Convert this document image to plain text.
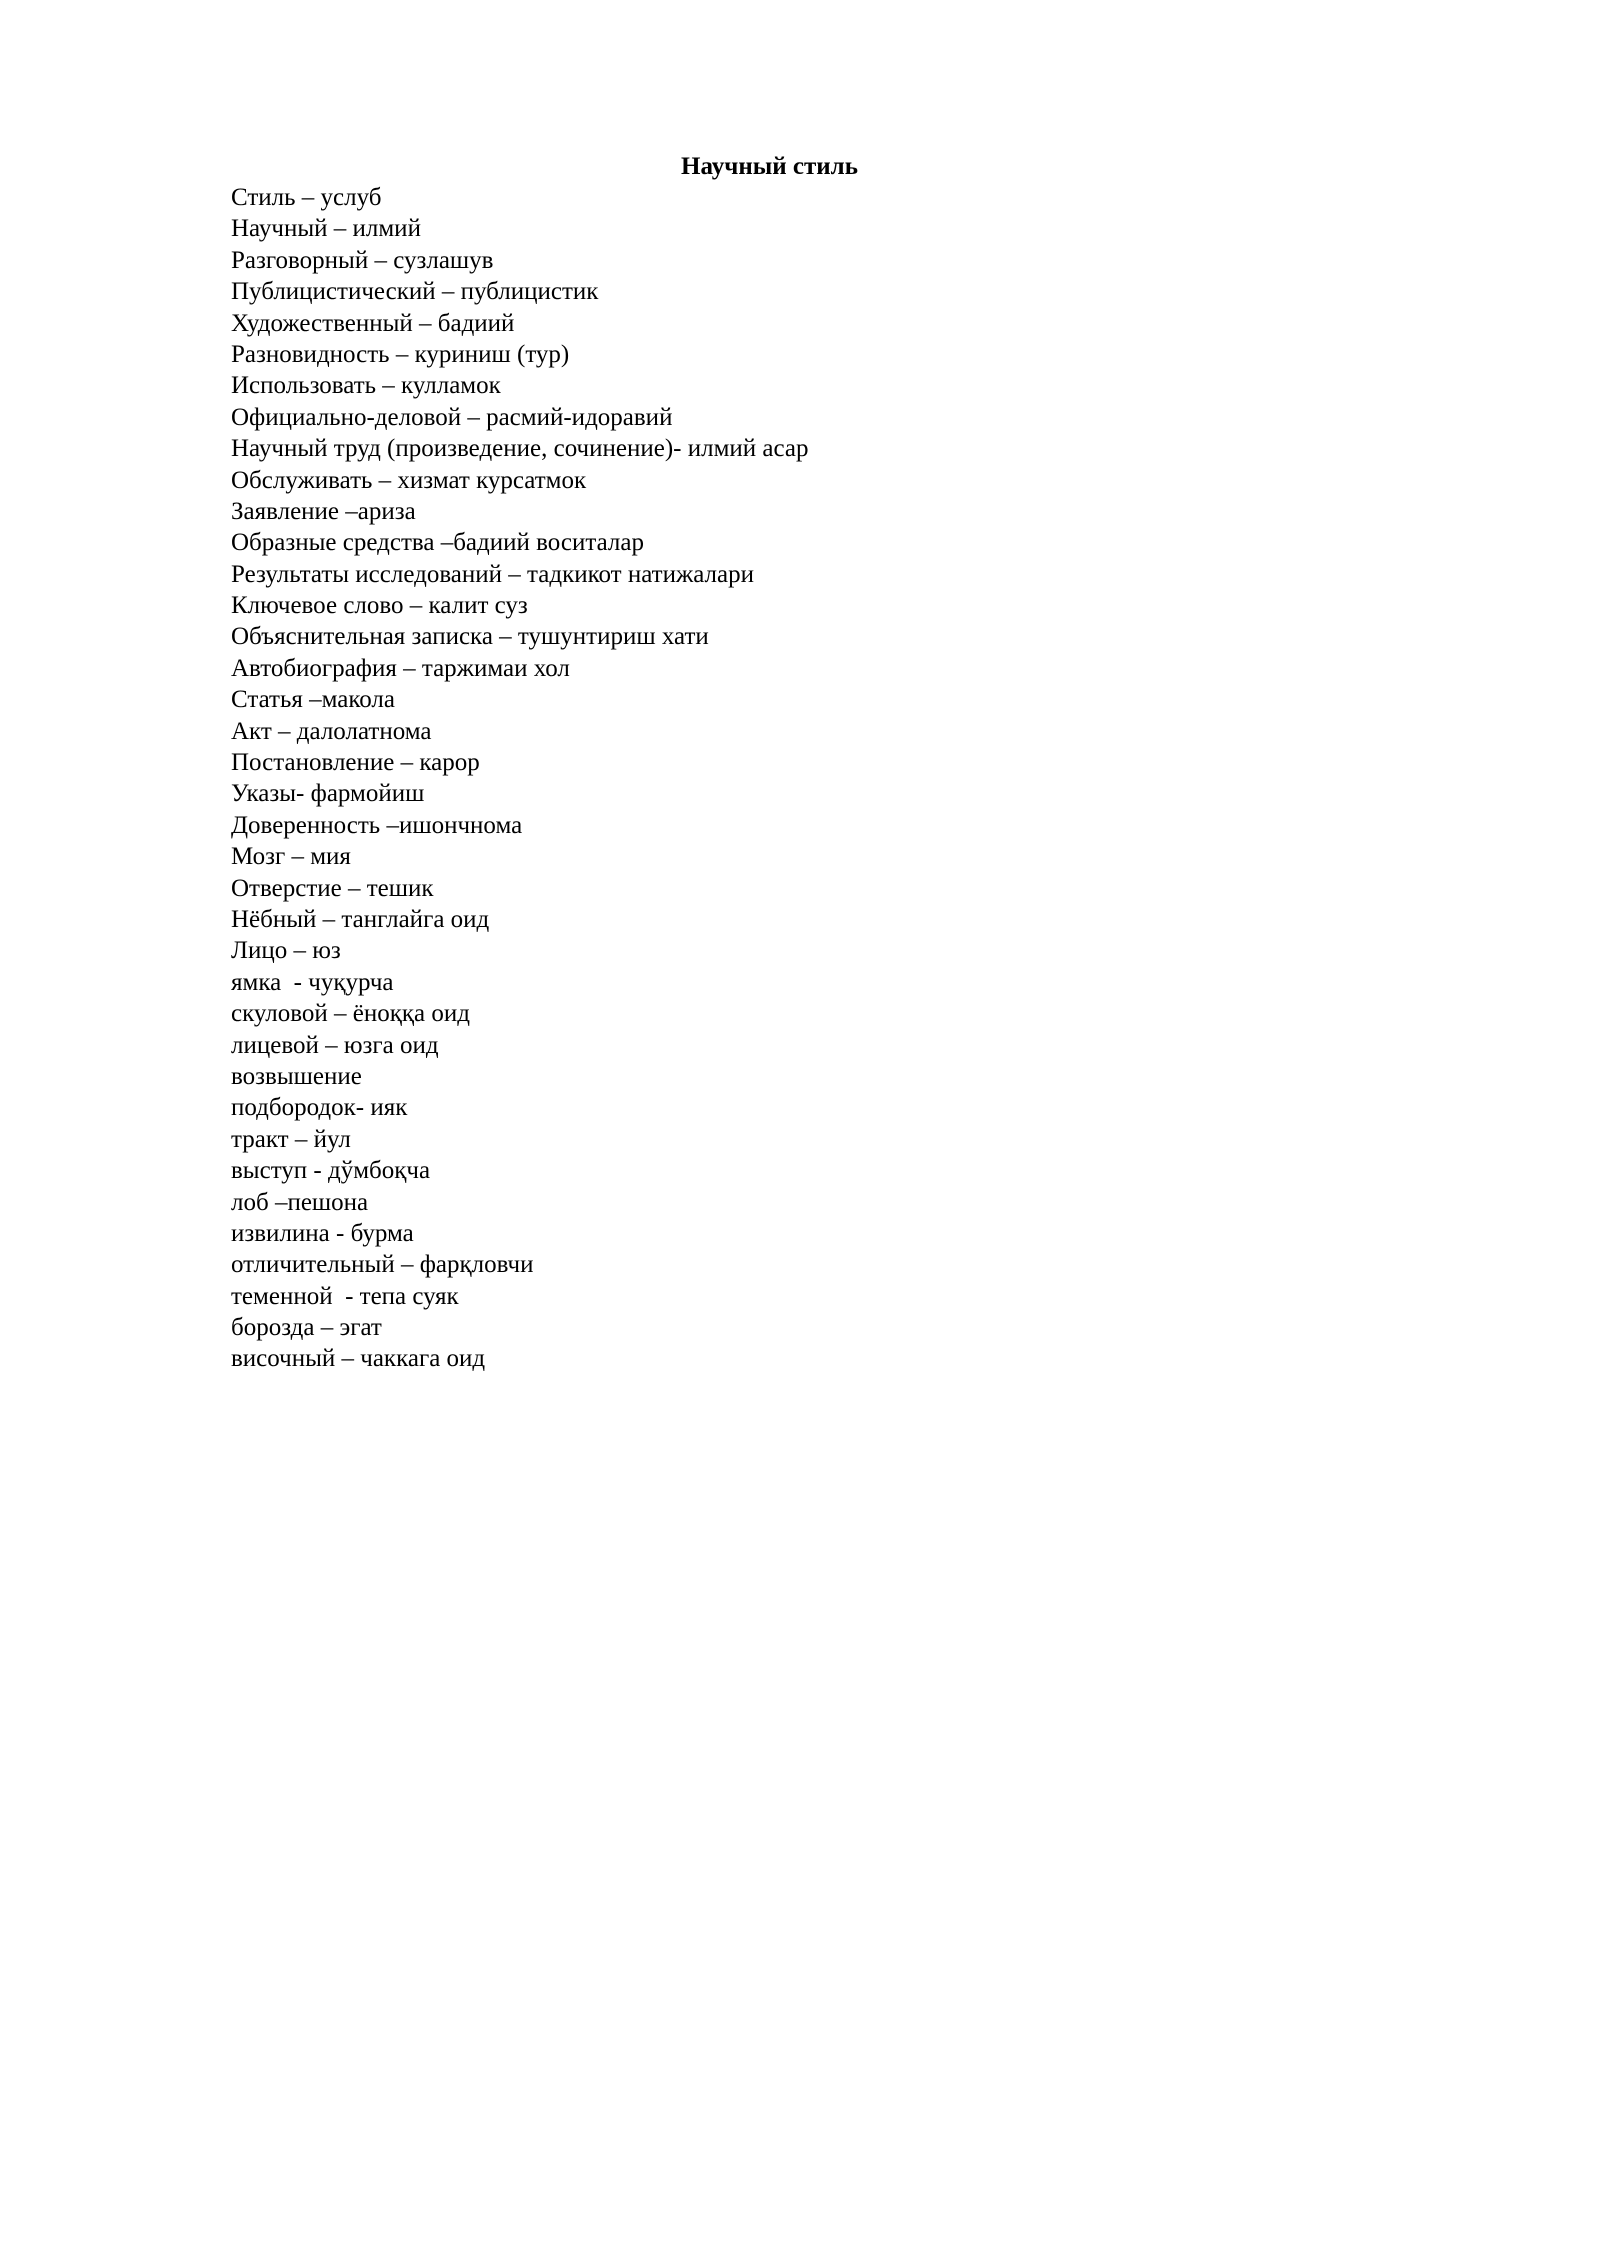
Научный стиль
Стиль – услуб
Научный – илмий
Разговорный – сузлашув
Публицистический – публицистик
Художественный – бадиий
Разновидность – куриниш (тур)
Использовать – кулламок
Официально-деловой – расмий-идоравий
Научный труд (произведение, сочинение)- илмий асар
Обслуживать – хизмат курсатмок
Заявление –ариза
Образные средства –бадиий воситалар
Результаты исследований – тадкикот натижалари
Ключевое слово – калит суз
Объяснительная записка – тушунтириш хати
Автобиография – таржимаи хол
Статья –макола
Акт – далолатнома
Постановление – карор
Указы- фармойиш
Доверенность –ишончнома
Мозг – мия
Отверстие – тешик
Нёбный – танглайга оид
Лицо – юз
ямка  - чуқурча
скуловой – ёноққа оид
лицевой – юзга оид
возвышение
подбородок- ияк
тракт – йул
выступ - дўмбоқча
лоб –пешона
извилина - бурма
отличительный – фарқловчи
теменной  - тепа суяк
борозда – эгат
височный – чаккага оид
